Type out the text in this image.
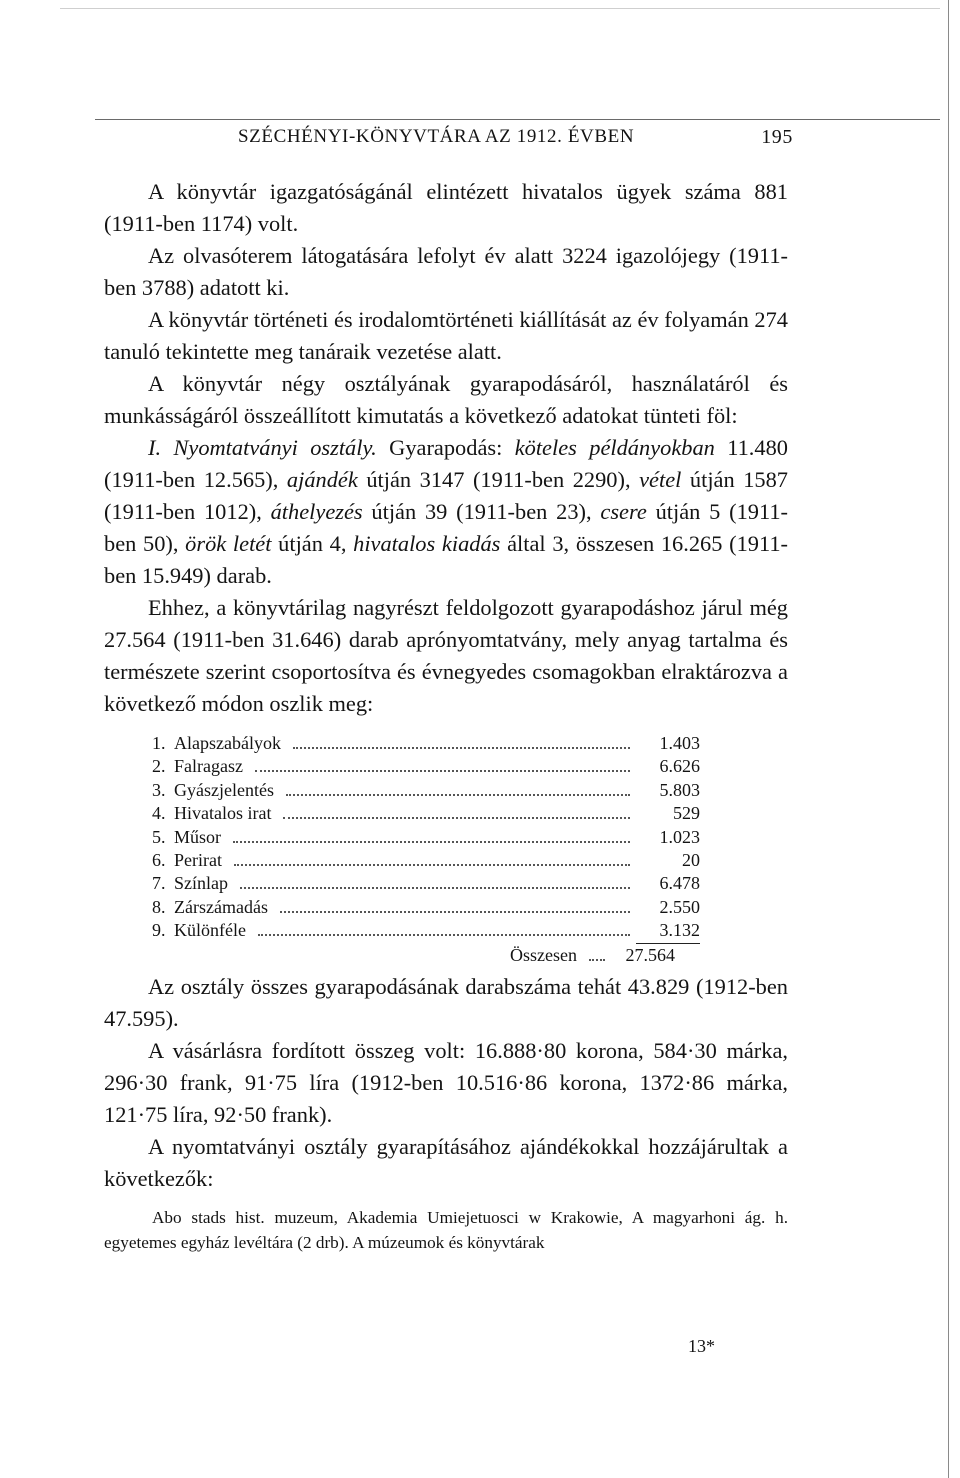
SZÉCHÉNYI-KÖNYVTÁRA AZ 1912. ÉVBEN	195

A könyvtár igazgatóságánál elintézett hivatalos ügyek száma 881 (1911-ben 1174) volt.

Az olvasóterem látogatására lefolyt év alatt 3224 igazolójegy (1911-ben 3788) adatott ki.

A könyvtár történeti és irodalomtörténeti kiállítását az év folyamán 274 tanuló tekintette meg tanáraik vezetése alatt.

A könyvtár négy osztályának gyarapodásáról, használatáról és munkásságáról összeállított kimutatás a következő adatokat tünteti föl:

I. Nyomtatványi osztály. Gyarapodás: köteles példányokban 11.480 (1911-ben 12.565), ajándék útján 3147 (1911-ben 2290), vétel útján 1587 (1911-ben 1012), áthelyezés útján 39 (1911-ben 23), csere útján 5 (1911-ben 50), örök letét útján 4, hivatalos kiadás által 3, összesen 16.265 (1911-ben 15.949) darab.

Ehhez, a könyvtárilag nagyrészt feldolgozott gyarapodáshoz járul még 27.564 (1911-ben 31.646) darab aprónyomtatvány, mely anyag tartalma és természete szerint csoportosítva és évnegyedes csomagokban elraktározva a következő módon oszlik meg:

1. Alapszabályok	1.403
2. Falragasz	6.626
3. Gyászjelentés	5.803
4. Hivatalos irat	529
5. Műsor	1.023
6. Perirat	20
7. Színlap	6.478
8. Zárszámadás	2.550
9. Különféle	3.132
Összesen	27.564

Az osztály összes gyarapodásának darabszáma tehát 43.829 (1912-ben 47.595).

A vásárlásra fordított összeg volt: 16.888·80 korona, 584·30 márka, 296·30 frank, 91·75 líra (1912-ben 10.516·86 korona, 1372·86 márka, 121·75 líra, 92·50 frank).

A nyomtatványi osztály gyarapításához ajándékokkal hozzájárultak a következők:

Abo stads hist. muzeum, Akademia Umiejetuosci w Krakowie, A magyarhoni ág. h. egyetemes egyház levéltára (2 drb). A múzeumok és könyvtárak
13*
